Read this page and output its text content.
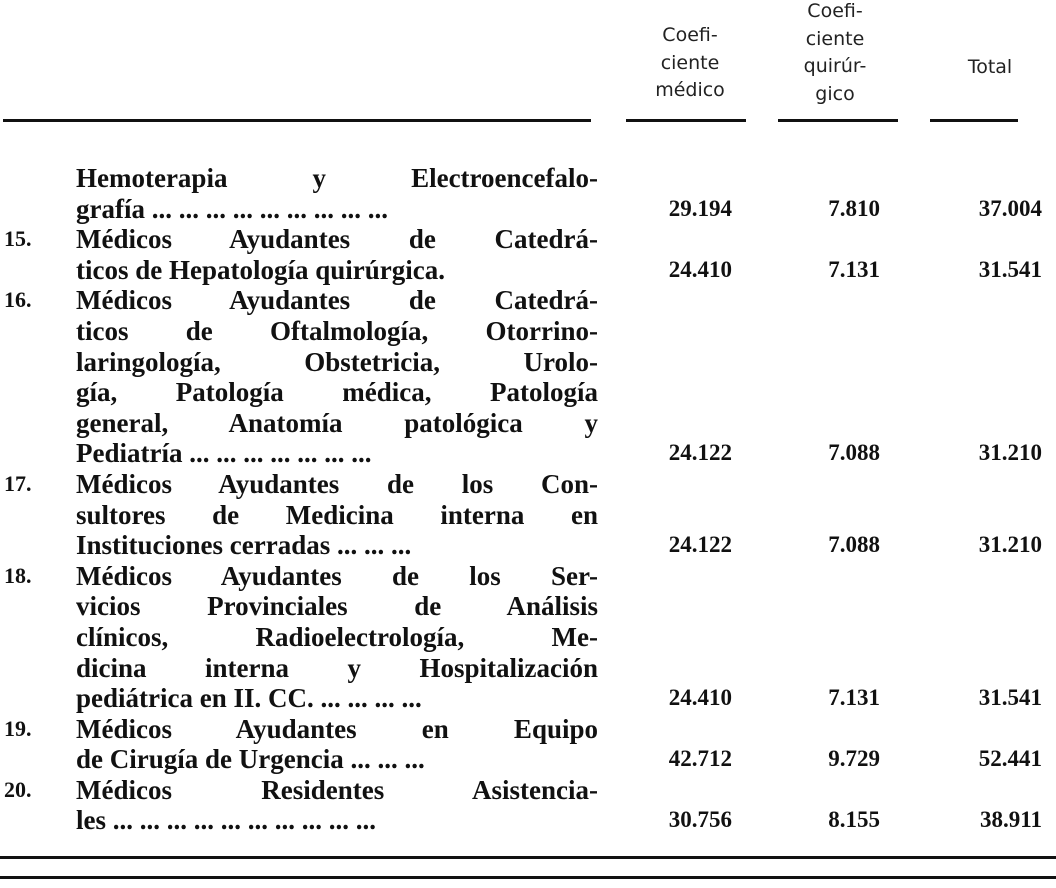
Coefi-
ciente
médico
Coefi-
ciente
quirúr-
gico
Total
Hemoterapia y Electroencefalo-
grafía ... ... ... ... ... ... ... ... ...	29.194	7.810	37.004
15. Médicos Ayudantes de Catedrá-
ticos de Hepatología quirúrgica.	24.410	7.131	31.541
16. Médicos Ayudantes de Catedrá-
ticos de Oftalmología, Otorrino-
laringología, Obstetricia, Urolo-
gía, Patología médica, Patología
general, Anatomía patológica y
Pediatría ... ... ... ... ... ... ...	24.122	7.088	31.210
17. Médicos Ayudantes de los Con-
sultores de Medicina interna en
Instituciones cerradas ... ... ...	24.122	7.088	31.210
18. Médicos Ayudantes de los Ser-
vicios Provinciales de Análisis
clínicos, Radioelectrología, Me-
dicina interna y Hospitalización
pediátrica en II. CC. ... ... ... ...	24.410	7.131	31.541
19. Médicos Ayudantes en Equipo
de Cirugía de Urgencia ... ... ...	42.712	9.729	52.441
20. Médicos Residentes Asistencia-
les ... ... ... ... ... ... ... ... ... ...	30.756	8.155	38.911
